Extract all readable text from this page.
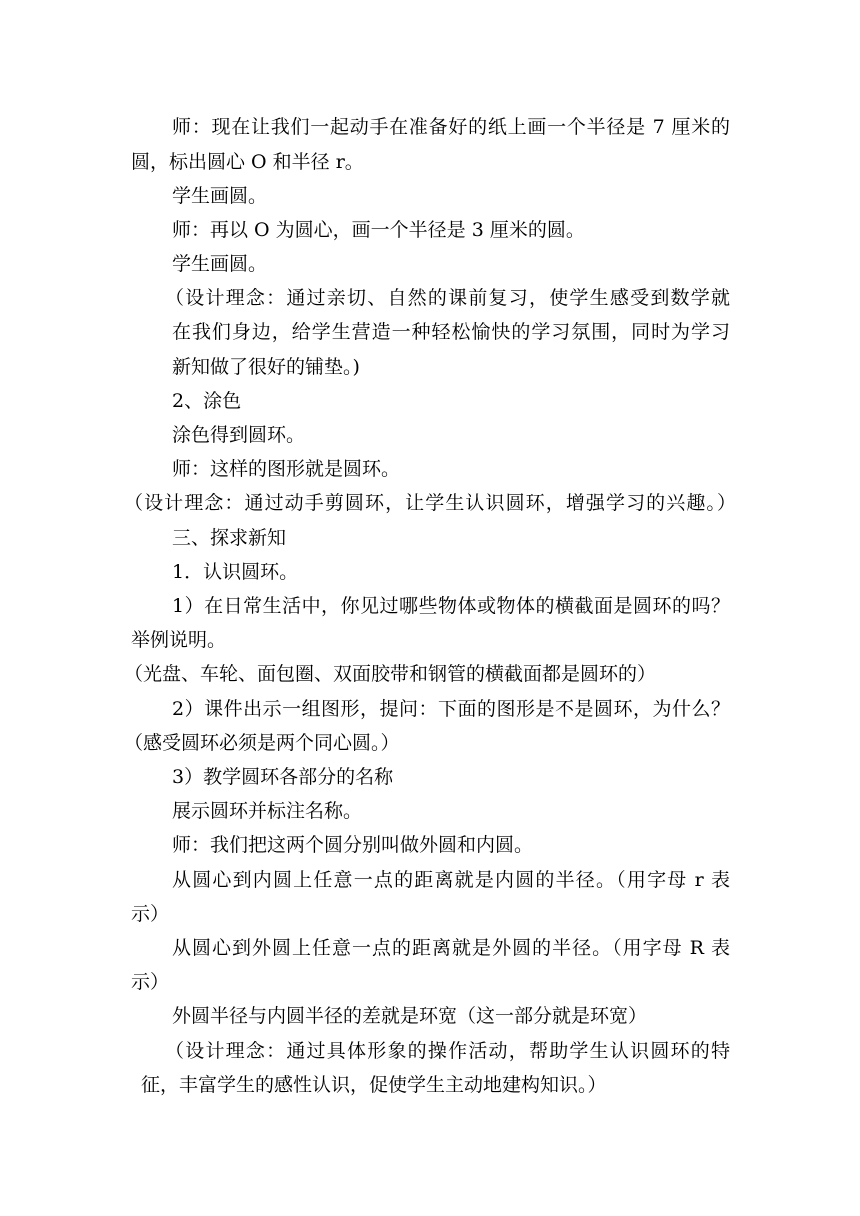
师：现在让我们一起动手在准备好的纸上画一个半径是 7 厘米的

圆，标出圆心 O 和半径 r。

学生画圆。

师：再以 O 为圆心，画一个半径是 3 厘米的圆。

学生画圆。

（设计理念：通过亲切、自然的课前复习，使学生感受到数学就

在我们身边，给学生营造一种轻松愉快的学习氛围，同时为学习

新知做了很好的铺垫。)

2、涂色

涂色得到圆环。

师：这样的图形就是圆环。

（设计理念：通过动手剪圆环，让学生认识圆环，增强学习的兴趣。）

三、探求新知

1．认识圆环。

1）在日常生活中，你见过哪些物体或物体的横截面是圆环的吗？

举例说明。

（光盘、车轮、面包圈、双面胶带和钢管的横截面都是圆环的）

2）课件出示一组图形，提问：下面的图形是不是圆环，为什么？

（感受圆环必须是两个同心圆。）

3）教学圆环各部分的名称

展示圆环并标注名称。

师：我们把这两个圆分别叫做外圆和内圆。

从圆心到内圆上任意一点的距离就是内圆的半径。（用字母 r 表

示）

从圆心到外圆上任意一点的距离就是外圆的半径。（用字母 R 表

示）

外圆半径与内圆半径的差就是环宽（这一部分就是环宽）

（设计理念：通过具体形象的操作活动，帮助学生认识圆环的特

征，丰富学生的感性认识，促使学生主动地建构知识。）
